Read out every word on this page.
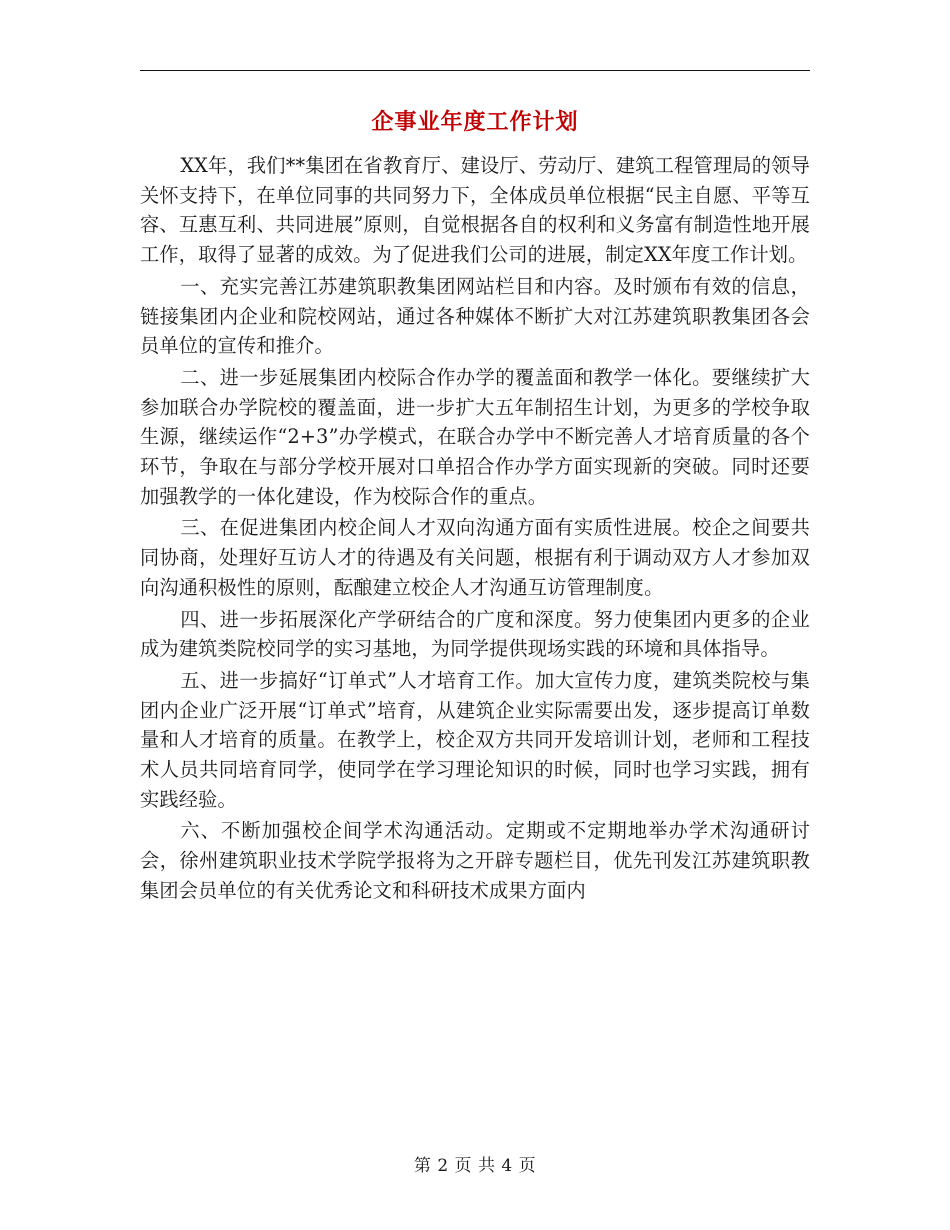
企事业年度工作计划

XX年，我们**集团在省教育厅、建设厅、劳动厅、建筑工程管理局的领导关怀支持下，在单位同事的共同努力下，全体成员单位根据“民主自愿、平等互容、互惠互利、共同进展”原则，自觉根据各自的权利和义务富有制造性地开展工作，取得了显著的成效。为了促进我们公司的进展，制定XX年度工作计划。

一、充实完善江苏建筑职教集团网站栏目和内容。及时颁布有效的信息，链接集团内企业和院校网站，通过各种媒体不断扩大对江苏建筑职教集团各会员单位的宣传和推介。

二、进一步延展集团内校际合作办学的覆盖面和教学一体化。要继续扩大参加联合办学院校的覆盖面，进一步扩大五年制招生计划，为更多的学校争取生源，继续运作“2+3”办学模式，在联合办学中不断完善人才培育质量的各个环节，争取在与部分学校开展对口单招合作办学方面实现新的突破。同时还要加强教学的一体化建设，作为校际合作的重点。

三、在促进集团内校企间人才双向沟通方面有实质性进展。校企之间要共同协商，处理好互访人才的待遇及有关问题，根据有利于调动双方人才参加双向沟通积极性的原则，酝酿建立校企人才沟通互访管理制度。

四、进一步拓展深化产学研结合的广度和深度。努力使集团内更多的企业成为建筑类院校同学的实习基地，为同学提供现场实践的环境和具体指导。

五、进一步搞好“订单式”人才培育工作。加大宣传力度，建筑类院校与集团内企业广泛开展“订单式”培育，从建筑企业实际需要出发，逐步提高订单数量和人才培育的质量。在教学上，校企双方共同开发培训计划，老师和工程技术人员共同培育同学，使同学在学习理论知识的时候，同时也学习实践，拥有实践经验。

六、不断加强校企间学术沟通活动。定期或不定期地举办学术沟通研讨会，徐州建筑职业技术学院学报将为之开辟专题栏目，优先刊发江苏建筑职教集团会员单位的有关优秀论文和科研技术成果方面内

第 2 页 共 4 页
